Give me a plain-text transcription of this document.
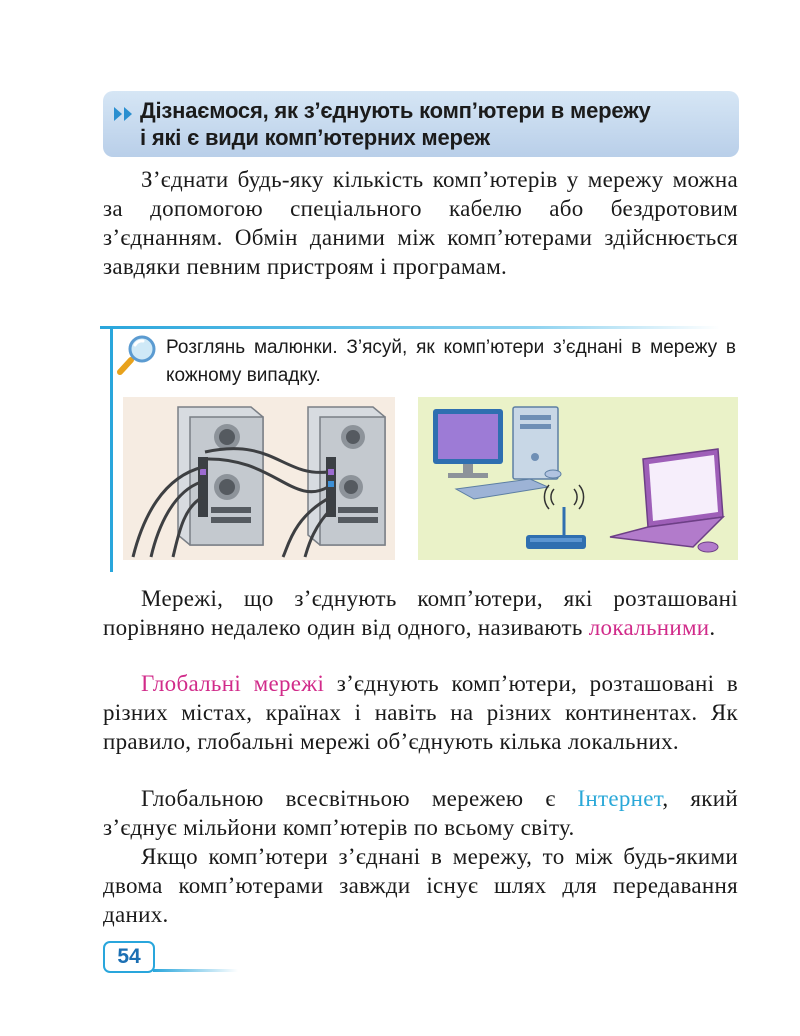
Дізнаємося, як з’єднують комп’ютери в мережу
і які є види комп’ютерних мереж

З’єднати будь-яку кількість комп’ютерів у мережу можна за допомогою спеціального кабелю або бездротовим з’єднанням. Обмін даними між комп’ютерами здійснюється завдяки певним пристроям і програмам.

Розглянь малюнки. З’ясуй, як комп’ютери з’єднані в мережу в кожному випадку.

Мережі, що з’єднують комп’ютери, які розташовані порівняно недалеко один від одного, називають локальними.

Глобальні мережі з’єднують комп’ютери, розташовані в різних містах, країнах і навіть на різних континентах. Як правило, глобальні мережі об’єднують кілька локальних.

Глобальною всесвітньою мережею є Інтернет, який з’єднує мільйони комп’ютерів по всьому світу.

Якщо комп’ютери з’єднані в мережу, то між будь-якими двома комп’ютерами завжди існує шлях для передавання даних.

54
